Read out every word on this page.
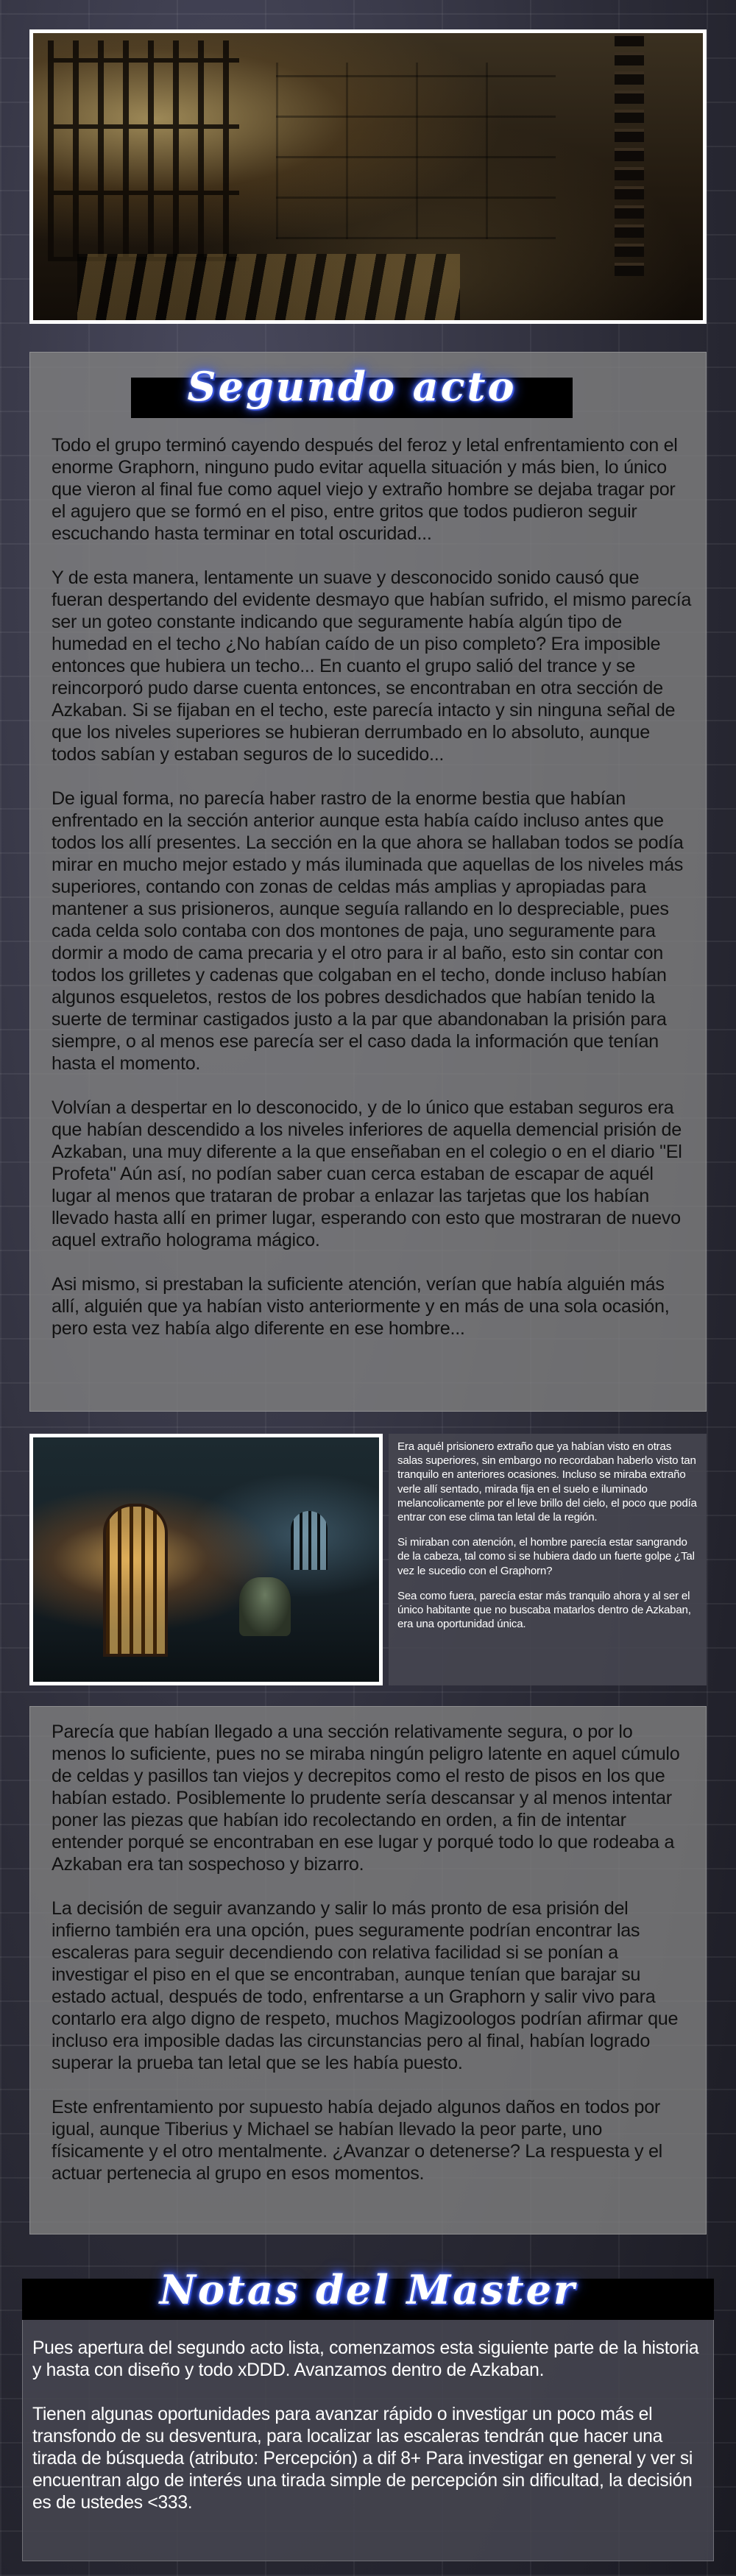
Segundo acto

Todo el grupo terminó cayendo después del feroz y letal enfrentamiento con el enorme Graphorn, ninguno pudo evitar aquella situación y más bien, lo único que vieron al final fue como aquel viejo y extraño hombre se dejaba tragar por el agujero que se formó en el piso, entre gritos que todos pudieron seguir escuchando hasta terminar en total oscuridad...

Y de esta manera, lentamente un suave y desconocido sonido causó que fueran despertando del evidente desmayo que habían sufrido, el mismo parecía ser un goteo constante indicando que seguramente había algún tipo de humedad en el techo ¿No habían caído de un piso completo? Era imposible entonces que hubiera un techo... En cuanto el grupo salió del trance y se reincorporó pudo darse cuenta entonces, se encontraban en otra sección de Azkaban. Si se fijaban en el techo, este parecía intacto y sin ninguna señal de que los niveles superiores se hubieran derrumbado en lo absoluto, aunque todos sabían y estaban seguros de lo sucedido...

De igual forma, no parecía haber rastro de la enorme bestia que habían enfrentado en la sección anterior aunque esta había caído incluso antes que todos los allí presentes. La sección en la que ahora se hallaban todos se podía mirar en mucho mejor estado y más iluminada que aquellas de los niveles más superiores, contando con zonas de celdas más amplias y apropiadas para mantener a sus prisioneros, aunque seguía rallando en lo despreciable, pues cada celda solo contaba con dos montones de paja, uno seguramente para dormir a modo de cama precaria y el otro para ir al baño, esto sin contar con todos los grilletes y cadenas que colgaban en el techo, donde incluso habían algunos esqueletos, restos de los pobres desdichados que habían tenido la suerte de terminar castigados justo a la par que abandonaban la prisión para siempre, o al menos ese parecía ser el caso dada la información que tenían hasta el momento.

Volvían a despertar en lo desconocido, y de lo único que estaban seguros era que habían descendido a los niveles inferiores de aquella demencial prisión de Azkaban, una muy diferente a la que enseñaban en el colegio o en el diario "El Profeta" Aún así, no podían saber cuan cerca estaban de escapar de aquél lugar al menos que trataran de probar a enlazar las tarjetas que los habían llevado hasta allí en primer lugar, esperando con esto que mostraran de nuevo aquel extraño holograma mágico.

Asi mismo, si prestaban la suficiente atención, verían que había alguién más allí, alguién que ya habían visto anteriormente y en más de una sola ocasión, pero esta vez había algo diferente en ese hombre...

Era aquél prisionero extraño que ya habían visto en otras salas superiores, sin embargo no recordaban haberlo visto tan tranquilo en anteriores ocasiones. Incluso se miraba extraño verle allí sentado, mirada fija en el suelo e iluminado melancolicamente por el leve brillo del cielo, el poco que podía entrar con ese clima tan letal de la región.

Si miraban con atención, el hombre parecía estar sangrando de la cabeza, tal como si se hubiera dado un fuerte golpe ¿Tal vez le sucedio con el Graphorn?

Sea como fuera, parecía estar más tranquilo ahora y al ser el único habitante que no buscaba matarlos dentro de Azkaban, era una oportunidad única.

Parecía que habían llegado a una sección relativamente segura, o por lo menos lo suficiente, pues no se miraba ningún peligro latente en aquel cúmulo de celdas y pasillos tan viejos y decrepitos como el resto de pisos en los que habían estado. Posiblemente lo prudente sería descansar y al menos intentar poner las piezas que habían ido recolectando en orden, a fin de intentar entender porqué se encontraban en ese lugar y porqué todo lo que rodeaba a Azkaban era tan sospechoso y bizarro.

La decisión de seguir avanzando y salir lo más pronto de esa prisión del infierno también era una opción, pues seguramente podrían encontrar las escaleras para seguir decendiendo con relativa facilidad si se ponían a investigar el piso en el que se encontraban, aunque tenían que barajar su estado actual, después de todo, enfrentarse a un Graphorn y salir vivo para contarlo era algo digno de respeto, muchos Magizoologos podrían afirmar que incluso era imposible dadas las circunstancias pero al final, habían logrado superar la prueba tan letal que se les había puesto.

Este enfrentamiento por supuesto había dejado algunos daños en todos por igual, aunque Tiberius y Michael se habían llevado la peor parte, uno físicamente y el otro mentalmente. ¿Avanzar o detenerse? La respuesta y el actuar pertenecia al grupo en esos momentos.

Notas del Master

Pues apertura del segundo acto lista, comenzamos esta siguiente parte de la historia y hasta con diseño y todo xDDD. Avanzamos dentro de Azkaban.

Tienen algunas oportunidades para avanzar rápido o investigar un poco más el transfondo de su desventura, para localizar las escaleras tendrán que hacer una tirada de búsqueda (atributo: Percepción) a dif 8+ Para investigar en general y ver si encuentran algo de interés una tirada simple de percepción sin dificultad, la decisión es de ustedes <333.
